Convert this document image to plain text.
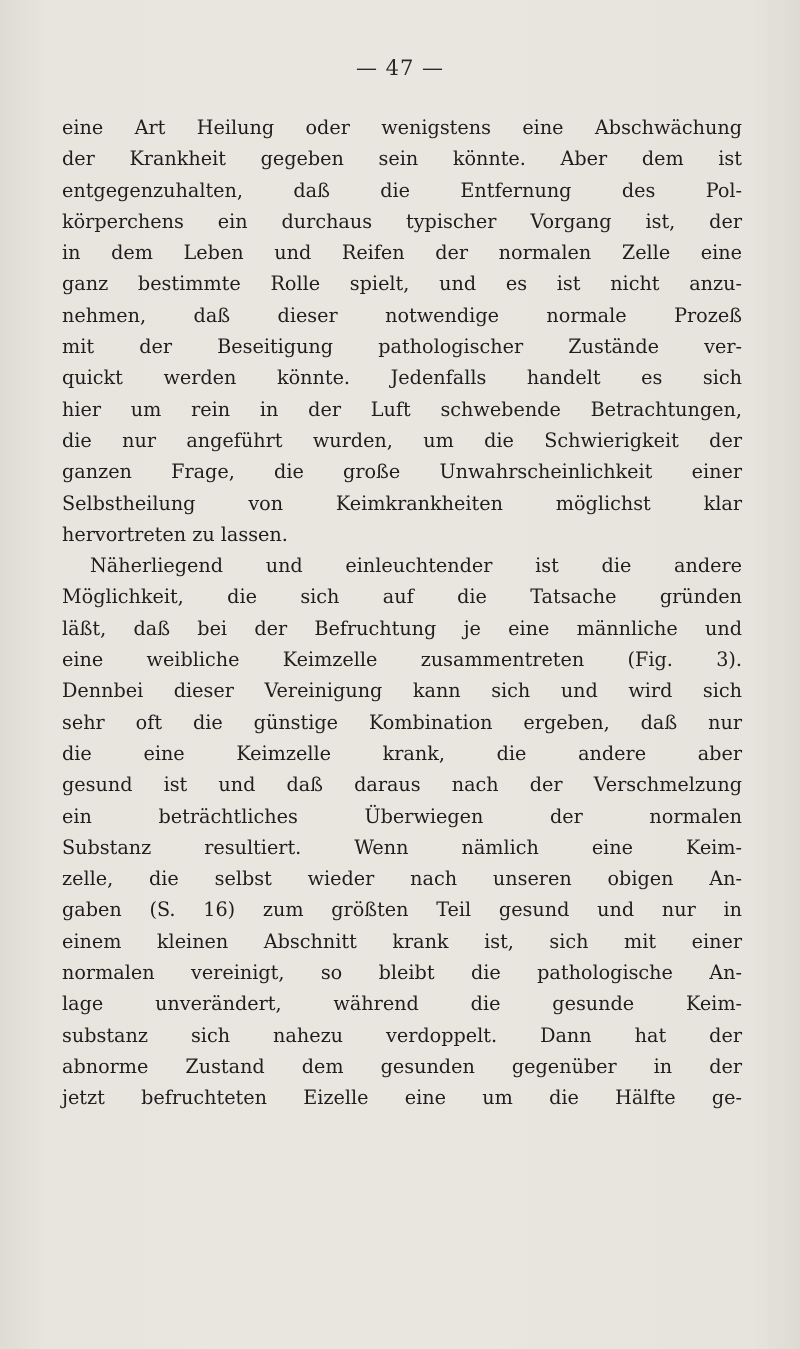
— 47 —
eine Art Heilung oder wenigstens eine Abschwächung
der Krankheit gegeben sein könnte. Aber dem ist
entgegenzuhalten, daß die Entfernung des Pol-
körperchens ein durchaus typischer Vorgang ist, der
in dem Leben und Reifen der normalen Zelle eine
ganz bestimmte Rolle spielt, und es ist nicht anzu-
nehmen, daß dieser notwendige normale Prozeß
mit der Beseitigung pathologischer Zustände ver-
quickt werden könnte. Jedenfalls handelt es sich
hier um rein in der Luft schwebende Betrachtungen,
die nur angeführt wurden, um die Schwierigkeit der
ganzen Frage, die große Unwahrscheinlichkeit einer
Selbstheilung von Keimkrankheiten möglichst klar
hervortreten zu lassen.
Näherliegend und einleuchtender ist die andere
Möglichkeit, die sich auf die Tatsache gründen
läßt, daß bei der Befruchtung je eine männliche und
eine weibliche Keimzelle zusammentreten (Fig. 3).
Dennbei dieser Vereinigung kann sich und wird sich
sehr oft die günstige Kombination ergeben, daß nur
die eine Keimzelle krank, die andere aber
gesund ist und daß daraus nach der Verschmelzung
ein beträchtliches Überwiegen der normalen
Substanz resultiert. Wenn nämlich eine Keim-
zelle, die selbst wieder nach unseren obigen An-
gaben (S. 16) zum größten Teil gesund und nur in
einem kleinen Abschnitt krank ist, sich mit einer
normalen vereinigt, so bleibt die pathologische An-
lage unverändert, während die gesunde Keim-
substanz sich nahezu verdoppelt. Dann hat der
abnorme Zustand dem gesunden gegenüber in der
jetzt befruchteten Eizelle eine um die Hälfte ge-
